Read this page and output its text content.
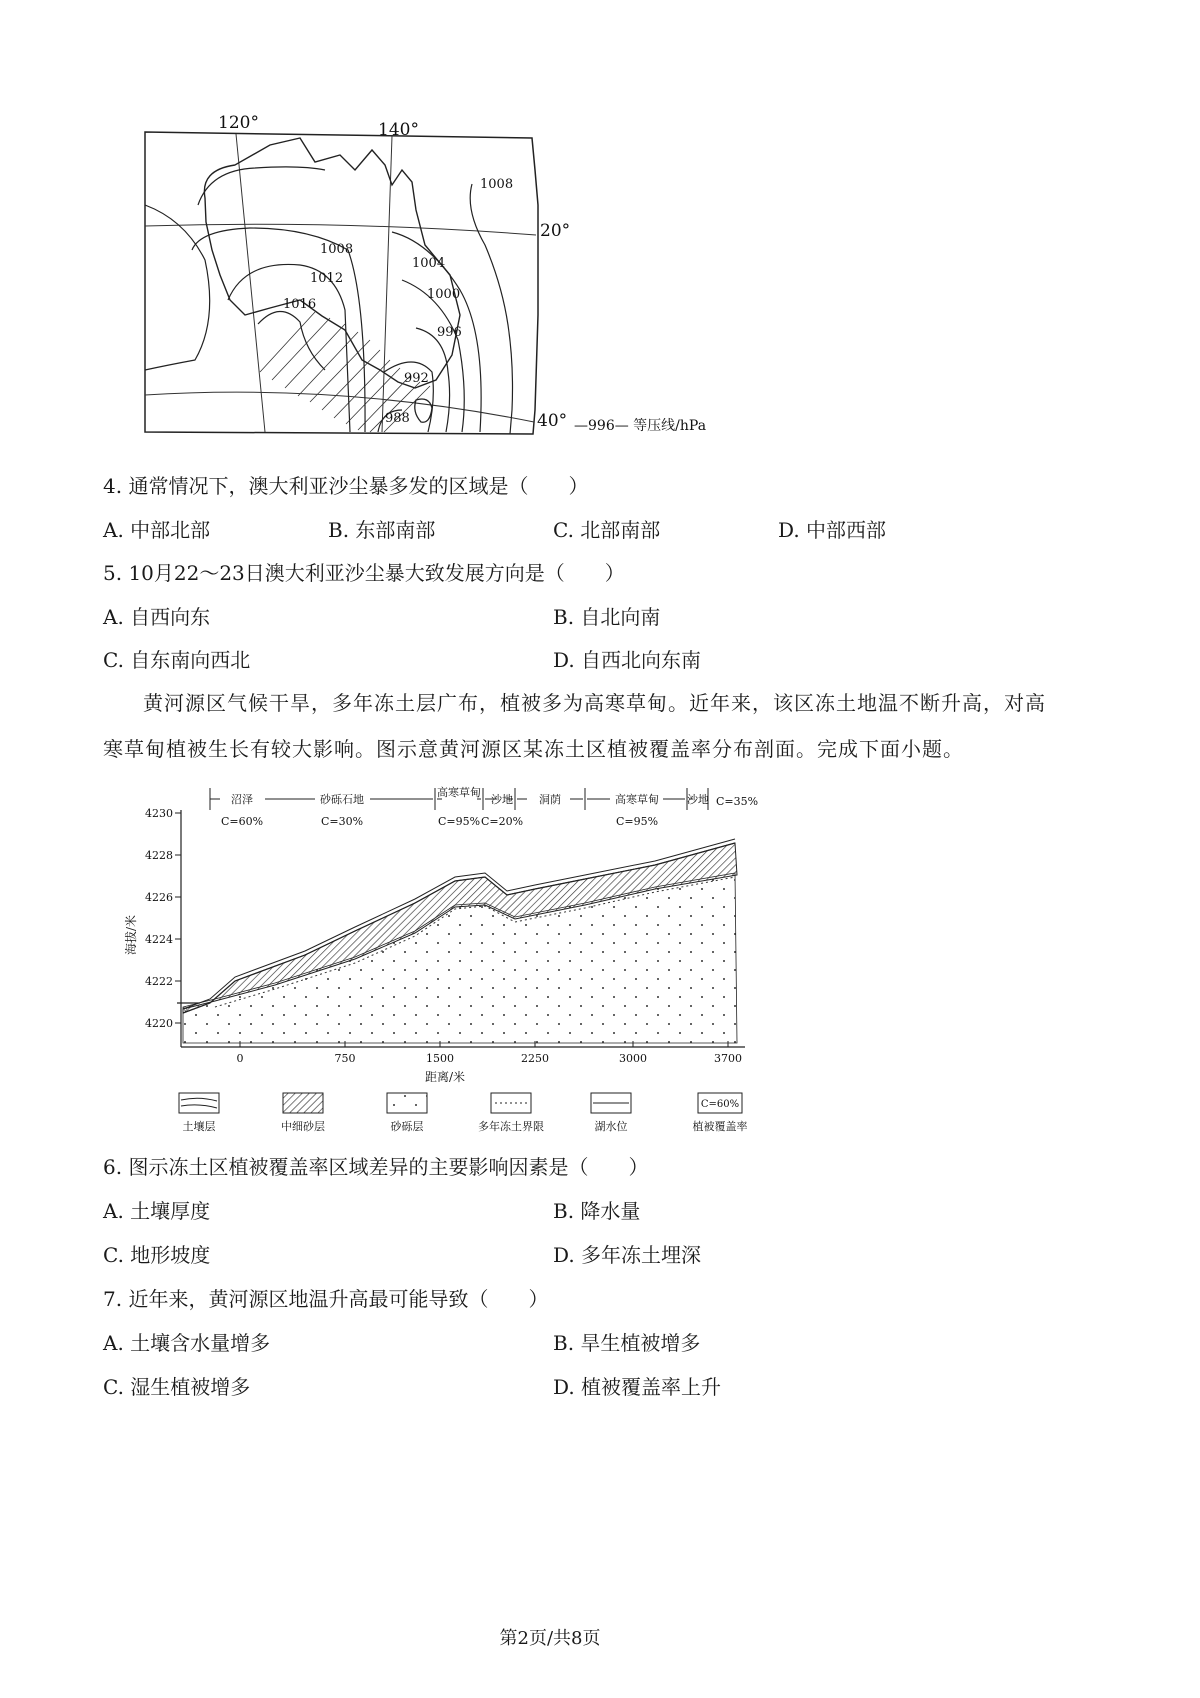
1008
1008
1012
1016
1004
1000
996
992
988
120°	140°
20°
40° —996— 等压线/hPa
4. 通常情况下，澳大利亚沙尘暴多发的区域是（　　）
A. 中部北部	B. 东部南部	C. 北部南部	D. 中部西部
5. 10月22～23日澳大利亚沙尘暴大致发展方向是（　　）
A. 自西向东	B. 自北向南
C. 自东南向西北	D. 自西北向东南
黄河源区气候干旱，多年冻土层广布，植被多为高寒草甸。近年来，该区冻土地温不断升高，对高寒草甸植被生长有较大影响。图示意黄河源区某冻土区植被覆盖率分布剖面。完成下面小题。
沼泽	砂砾石地
高寒草甸
沙地 洞荫	高寒草甸	沙地
C=60%	C=30%	C=95% C=20%	C=95%
C=35%
4230
4228
4226
4224
4222
4220
0	750	1500	2250	3000	3700
距离/米
海拔/米
▿
C=60%
土壤层	中细砂层	砂砾层	多年冻土界限	湖水位	植被覆盖率
6. 图示冻土区植被覆盖率区域差异的主要影响因素是（　　）
A. 土壤厚度	B. 降水量
C. 地形坡度	D. 多年冻土埋深
7. 近年来，黄河源区地温升高最可能导致（　　）
A. 土壤含水量增多	B. 旱生植被增多
C. 湿生植被增多	D. 植被覆盖率上升
第2页/共8页
